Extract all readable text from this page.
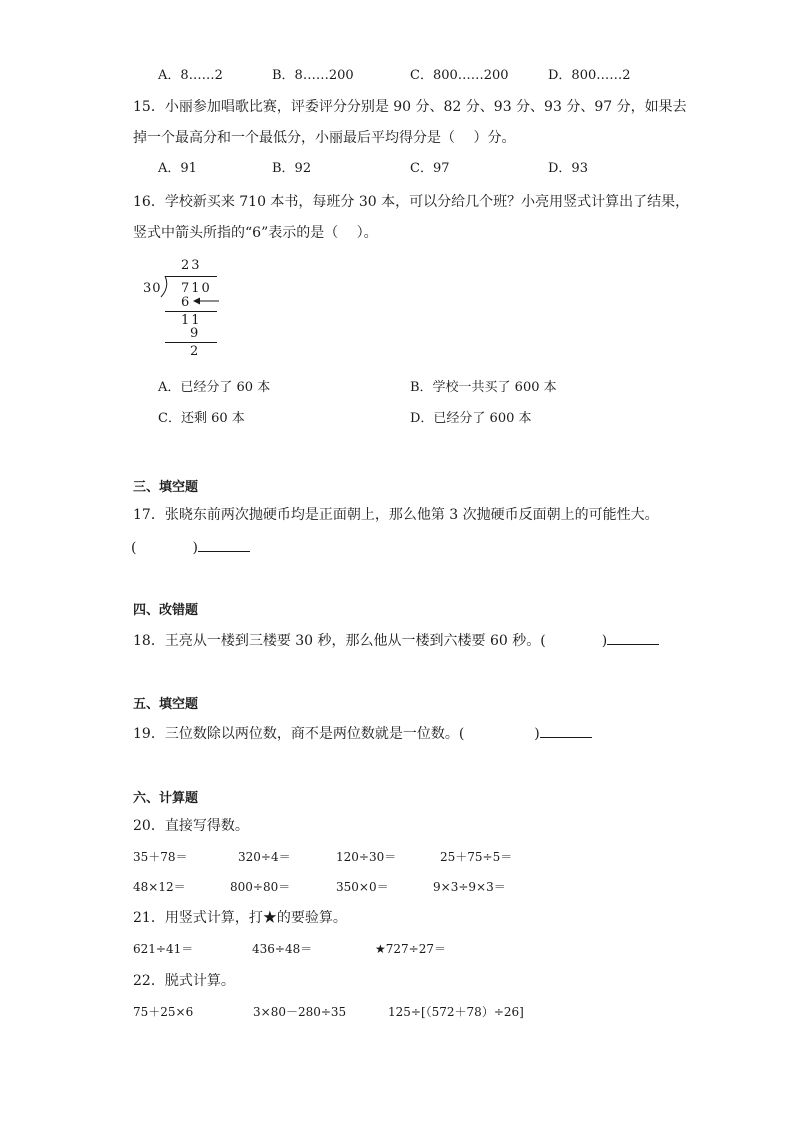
A．8……2	B．8……200	C．800……200	D．800……2
15．小丽参加唱歌比赛，评委评分分别是 90 分、82 分、93 分、93 分、97 分，如果去
掉一个最高分和一个最低分，小丽最后平均得分是（　 ）分。
A．91	B．92	C．97	D．93
16．学校新买来 710 本书，每班分 30 本，可以分给几个班？小亮用竖式计算出了结果，
竖式中箭头所指的“6”表示的是（　 ）。
23
30 710
6
11
9
2
A．已经分了 60 本	B．学校一共买了 600 本
C．还剩 60 本	D．已经分了 600 本
三、填空题
17．张晓东前两次抛硬币均是正面朝上，那么他第 3 次抛硬币反面朝上的可能性大。
(　　　　)
四、改错题
18．王亮从一楼到三楼要 30 秒，那么他从一楼到六楼要 60 秒。(　　　　)
五、填空题
19．三位数除以两位数，商不是两位数就是一位数。(　　　　　)
六、计算题
20．直接写得数。
35＋78＝	320÷4＝	120÷30＝	25＋75÷5＝
48×12＝	800÷80＝	350×0＝	9×3÷9×3＝
21．用竖式计算，打★的要验算。
621÷41＝	436÷48＝	★727÷27＝
22．脱式计算。
75＋25×6	3×80－280÷35	125÷[（572＋78）÷26]
